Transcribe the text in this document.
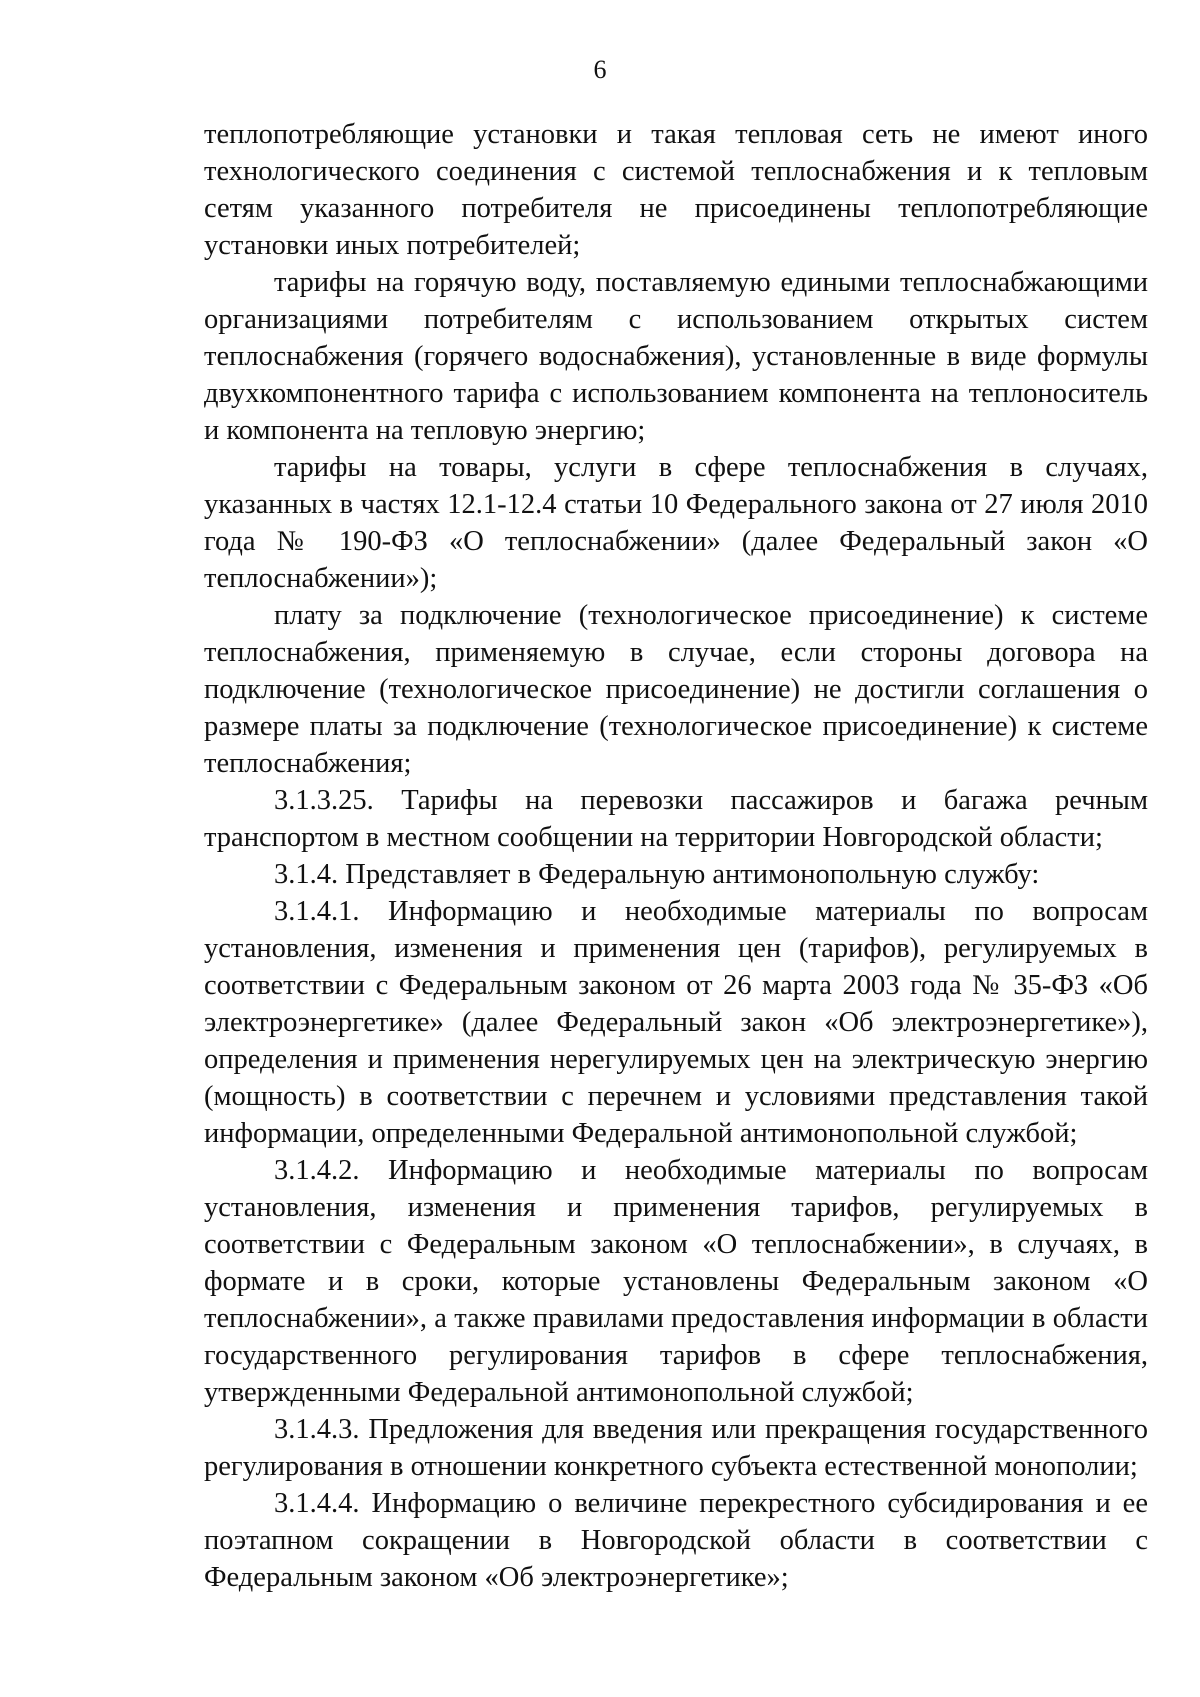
6

теплопотребляющие установки и такая тепловая сеть не имеют иного технологического соединения с системой теплоснабжения и к тепловым сетям указанного потребителя не присоединены теплопотребляющие установки иных потребителей;

тарифы на горячую воду, поставляемую едиными теплоснабжающими организациями потребителям с использованием открытых систем теплоснабжения (горячего водоснабжения), установленные в виде формулы двухкомпонентного тарифа с использованием компонента на теплоноситель и компонента на тепловую энергию;

тарифы на товары, услуги в сфере теплоснабжения в случаях, указанных в частях 12.1-12.4 статьи 10 Федерального закона от 27 июля 2010 года № 190-ФЗ «О теплоснабжении» (далее Федеральный закон «О теплоснабжении»);

плату за подключение (технологическое присоединение) к системе теплоснабжения, применяемую в случае, если стороны договора на подключение (технологическое присоединение) не достигли соглашения о размере платы за подключение (технологическое присоединение) к системе теплоснабжения;

3.1.3.25. Тарифы на перевозки пассажиров и багажа речным транспортом в местном сообщении на территории Новгородской области;

3.1.4. Представляет в Федеральную антимонопольную службу:

3.1.4.1. Информацию и необходимые материалы по вопросам установления, изменения и применения цен (тарифов), регулируемых в соответствии с Федеральным законом от 26 марта 2003 года № 35-ФЗ «Об электроэнергетике» (далее Федеральный закон «Об электроэнергетике»), определения и применения нерегулируемых цен на электрическую энергию (мощность) в соответствии с перечнем и условиями представления такой информации, определенными Федеральной антимонопольной службой;

3.1.4.2. Информацию и необходимые материалы по вопросам установления, изменения и применения тарифов, регулируемых в соответствии с Федеральным законом «О теплоснабжении», в случаях, в формате и в сроки, которые установлены Федеральным законом «О теплоснабжении», а также правилами предоставления информации в области государственного регулирования тарифов в сфере теплоснабжения, утвержденными Федеральной антимонопольной службой;

3.1.4.3. Предложения для введения или прекращения государственного регулирования в отношении конкретного субъекта естественной монополии;

3.1.4.4. Информацию о величине перекрестного субсидирования и ее поэтапном сокращении в Новгородской области в соответствии с Федеральным законом «Об электроэнергетике»;
